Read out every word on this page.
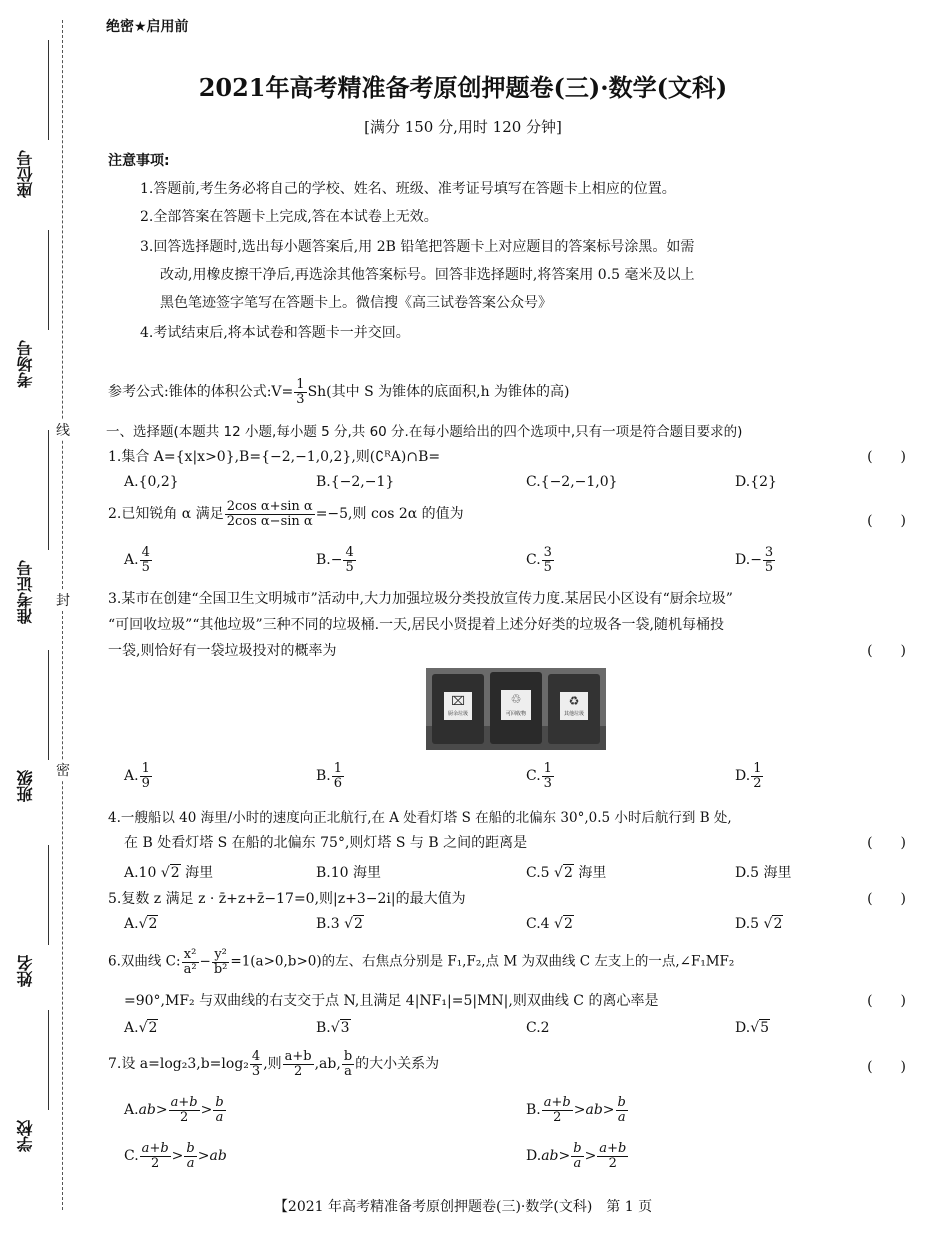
座位号
考场号
准考证号
班级
姓名
学校
线
封
密
绝密★启用前
2021年高考精准备考原创押题卷(三)·数学(文科)
[满分 150 分,用时 120 分钟]
注意事项:
1.答题前,考生务必将自己的学校、姓名、班级、准考证号填写在答题卡上相应的位置。
2.全部答案在答题卡上完成,答在本试卷上无效。
3.回答选择题时,选出每小题答案后,用 2B 铅笔把答题卡上对应题目的答案标号涂黑。如需
改动,用橡皮擦干净后,再选涂其他答案标号。回答非选择题时,将答案用 0.5 毫米及以上
黑色笔迹签字笔写在答题卡上。微信搜《高三试卷答案公众号》
4.考试结束后,将本试卷和答题卡一并交回。
参考公式:锥体的体积公式:V= $\frac{1}{3} Sh$(其中 S 为锥体的底面积,h 为锥体的高)
一、选择题(本题共 12 小题,每小题 5 分,共 60 分.在每小题给出的四个选项中,只有一项是符合题目要求的)
1.集合 A={x|x>0},B={−2,−1,0,2},则(∁ᴿA)∩B=	(　　)
A.{0,2}	B.{−2,−1}	C.{−2,−1,0}	D.{2}
2.已知锐角 α 满足 $\frac{\text{2cos α+sin α}}{\text{2cos α−sin α}} =-5$,则 cos 2α 的值为	(　　)
A. $\frac{4}{5}$	$B.- \frac{4}{5}$	C. $\frac{3}{5}$	$D.- \frac{3}{5}$
3.某市在创建“全国卫生文明城市”活动中,大力加强垃圾分类投放宣传力度.某居民小区设有“厨余垃圾”
“可回收垃圾”“其他垃圾”三种不同的垃圾桶.一天,居民小贤提着上述分好类的垃圾各一袋,随机每桶投
一袋,则恰好有一袋垃圾投对的概率为	(　　)
⌧
厨余垃圾
♲
可回收物
♻
其他垃圾
A. $\frac{1}{9}$	B. $\frac{1}{6}$	C. $\frac{1}{3}$	D. $\frac{1}{2}$
4.一艘船以 40 海里/小时的速度向正北航行,在 A 处看灯塔 S 在船的北偏东 30°,0.5 小时后航行到 B 处,
在 B 处看灯塔 S 在船的北偏东 75°,则灯塔 S 与 B 之间的距离是	(　　)
A.10 √2 海里	B.10 海里	C.5 √2 海里	D.5 海里
5.复数 z 满足 z · z̄+z+z̄−17=0,则|z+3−2i|的最大值为	(　　)
A.√2	B.3 √2	C.4 √2	D.5 √2
6.双曲线 C: $\frac{\text{x²}}{\text{a²}} - \frac{\text{y²}}{\text{b²}} =1(a>0,b>0)$的左、右焦点分别是 F₁,F₂,点 M 为双曲线 C 左支上的一点,∠F₁MF₂
=90°,MF₂ 与双曲线的右支交于点 N,且满足 4|NF₁|=5|MN|,则双曲线 C 的离心率是	(　　)
A.√2	B.√3	C.2	D.√5
7.设 $a=\log_23,b=\log_2 \frac{4}{3}$ ,则 $\frac{a+b}{2} ,ab$, $\frac{b}{a}$ 的大小关系为	(　　)
$A.ab> \frac{a+b}{2} > \frac{b}{a}$	B. $\frac{a+b}{2} >ab> \frac{b}{a}$
C. $\frac{a+b}{2} > \frac{b}{a} >ab$	$D.ab> \frac{b}{a} > \frac{a+b}{2}$
【2021 年高考精准备考原创押题卷(三)·数学(文科)　第 1 页
